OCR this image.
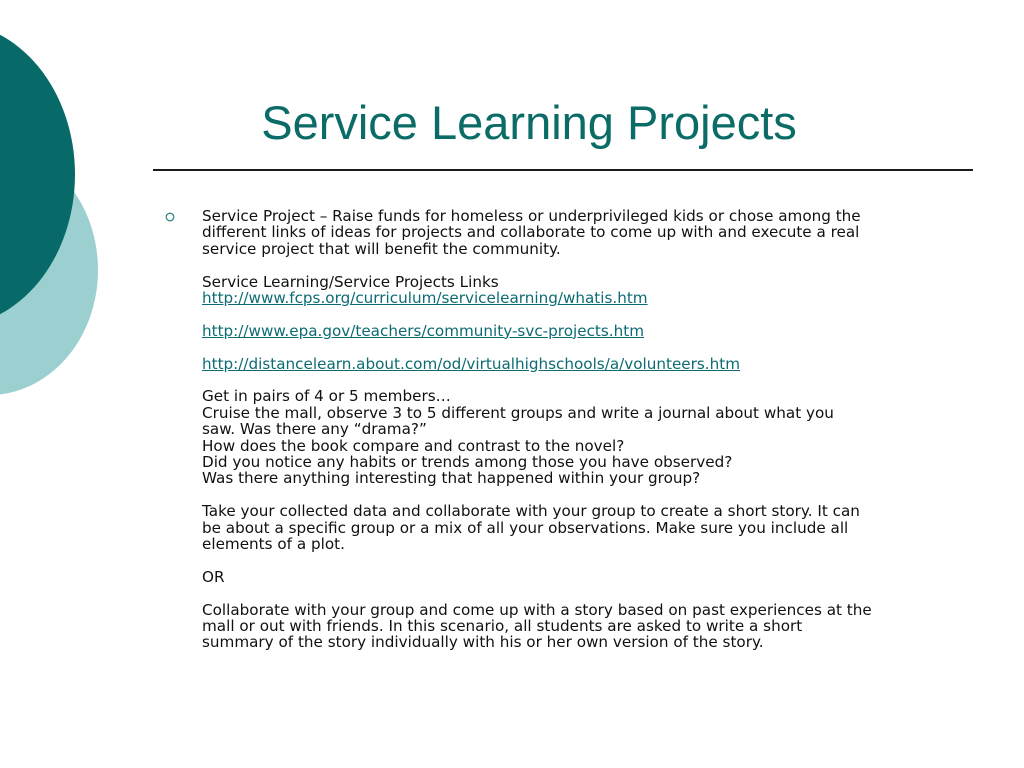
Service Learning Projects
Service Project – Raise funds for homeless or underprivileged kids or chose among the
different links of ideas for projects and collaborate to come up with and execute a real
service project that will benefit the community.
Service Learning/Service Projects Links
http://www.fcps.org/curriculum/servicelearning/whatis.htm
http://www.epa.gov/teachers/community-svc-projects.htm
http://distancelearn.about.com/od/virtualhighschools/a/volunteers.htm
Get in pairs of 4 or 5 members…
Cruise the mall, observe 3 to 5 different groups and write a journal about what you
saw. Was there any “drama?”
How does the book compare and contrast to the novel?
Did you notice any habits or trends among those you have observed?
Was there anything interesting that happened within your group?
Take your collected data and collaborate with your group to create a short story. It can
be about a specific group or a mix of all your observations. Make sure you include all
elements of a plot.
OR
Collaborate with your group and come up with a story based on past experiences at the
mall or out with friends. In this scenario, all students are asked to write a short
summary of the story individually with his or her own version of the story.
